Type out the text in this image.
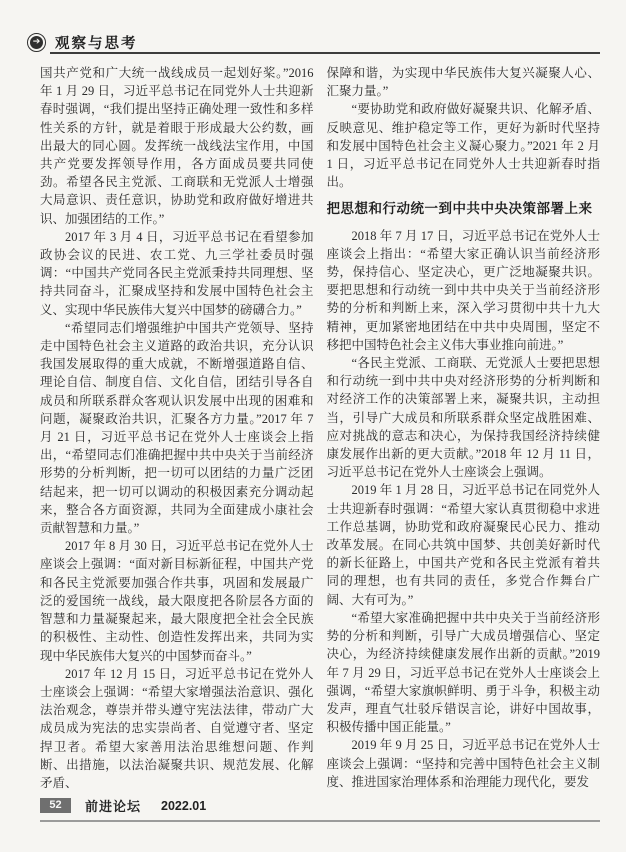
➔ 观察与思考

国共产党和广大统一战线成员一起划好桨。”2016 年 1 月 29 日，习近平总书记在同党外人士共迎新春时强调，“我们提出坚持正确处理一致性和多样性关系的方针，就是着眼于形成最大公约数，画出最大的同心圆。发挥统一战线法宝作用，中国共产党要发挥领导作用，各方面成员要共同使劲。希望各民主党派、工商联和无党派人士增强大局意识、责任意识，协助党和政府做好增进共识、加强团结的工作。”

2017 年 3 月 4 日，习近平总书记在看望参加政协会议的民进、农工党、九三学社委员时强调：“中国共产党同各民主党派秉持共同理想、坚持共同奋斗，汇聚成坚持和发展中国特色社会主义、实现中华民族伟大复兴中国梦的磅礴合力。”

“希望同志们增强维护中国共产党领导、坚持走中国特色社会主义道路的政治共识，充分认识我国发展取得的重大成就，不断增强道路自信、理论自信、制度自信、文化自信，团结引导各自成员和所联系群众客观认识发展中出现的困难和问题，凝聚政治共识，汇聚各方力量。”2017 年 7 月 21 日，习近平总书记在党外人士座谈会上指出，“希望同志们准确把握中共中央关于当前经济形势的分析判断，把一切可以团结的力量广泛团结起来，把一切可以调动的积极因素充分调动起来，整合各方面资源，共同为全面建成小康社会贡献智慧和力量。”

2017 年 8 月 30 日，习近平总书记在党外人士座谈会上强调：“面对新目标新征程，中国共产党和各民主党派要加强合作共事，巩固和发展最广泛的爱国统一战线，最大限度把各阶层各方面的智慧和力量凝聚起来，最大限度把全社会全民族的积极性、主动性、创造性发挥出来，共同为实现中华民族伟大复兴的中国梦而奋斗。”

2017 年 12 月 15 日，习近平总书记在党外人士座谈会上强调：“希望大家增强法治意识、强化法治观念，尊崇并带头遵守宪法法律，带动广大成员成为宪法的忠实崇尚者、自觉遵守者、坚定捍卫者。希望大家善用法治思维想问题、作判断、出措施，以法治凝聚共识、规范发展、化解矛盾、

保障和谐，为实现中华民族伟大复兴凝聚人心、汇聚力量。”

“要协助党和政府做好凝聚共识、化解矛盾、反映意见、维护稳定等工作，更好为新时代坚持和发展中国特色社会主义凝心聚力。”2021 年 2 月 1 日，习近平总书记在同党外人士共迎新春时指出。

把思想和行动统一到中共中央决策部署上来

2018 年 7 月 17 日，习近平总书记在党外人士座谈会上指出：“希望大家正确认识当前经济形势，保持信心、坚定决心，更广泛地凝聚共识。要把思想和行动统一到中共中央关于当前经济形势的分析和判断上来，深入学习贯彻中共十九大精神，更加紧密地团结在中共中央周围，坚定不移把中国特色社会主义伟大事业推向前进。”

“各民主党派、工商联、无党派人士要把思想和行动统一到中共中央对经济形势的分析判断和对经济工作的决策部署上来，凝聚共识，主动担当，引导广大成员和所联系群众坚定战胜困难、应对挑战的意志和决心，为保持我国经济持续健康发展作出新的更大贡献。”2018 年 12 月 11 日，习近平总书记在党外人士座谈会上强调。

2019 年 1 月 28 日，习近平总书记在同党外人士共迎新春时强调：“希望大家认真贯彻稳中求进工作总基调，协助党和政府凝聚民心民力、推动改革发展。在同心共筑中国梦、共创美好新时代的新长征路上，中国共产党和各民主党派有着共同的理想，也有共同的责任，多党合作舞台广阔、大有可为。”

“希望大家准确把握中共中央关于当前经济形势的分析和判断，引导广大成员增强信心、坚定决心，为经济持续健康发展作出新的贡献。”2019 年 7 月 29 日，习近平总书记在党外人士座谈会上强调，“希望大家旗帜鲜明、勇于斗争，积极主动发声，理直气壮驳斥错误言论，讲好中国故事，积极传播中国正能量。”

2019 年 9 月 25 日，习近平总书记在党外人士座谈会上强调：“坚持和完善中国特色社会主义制度、推进国家治理体系和治理能力现代化，要发

52	前进论坛 2022.01
